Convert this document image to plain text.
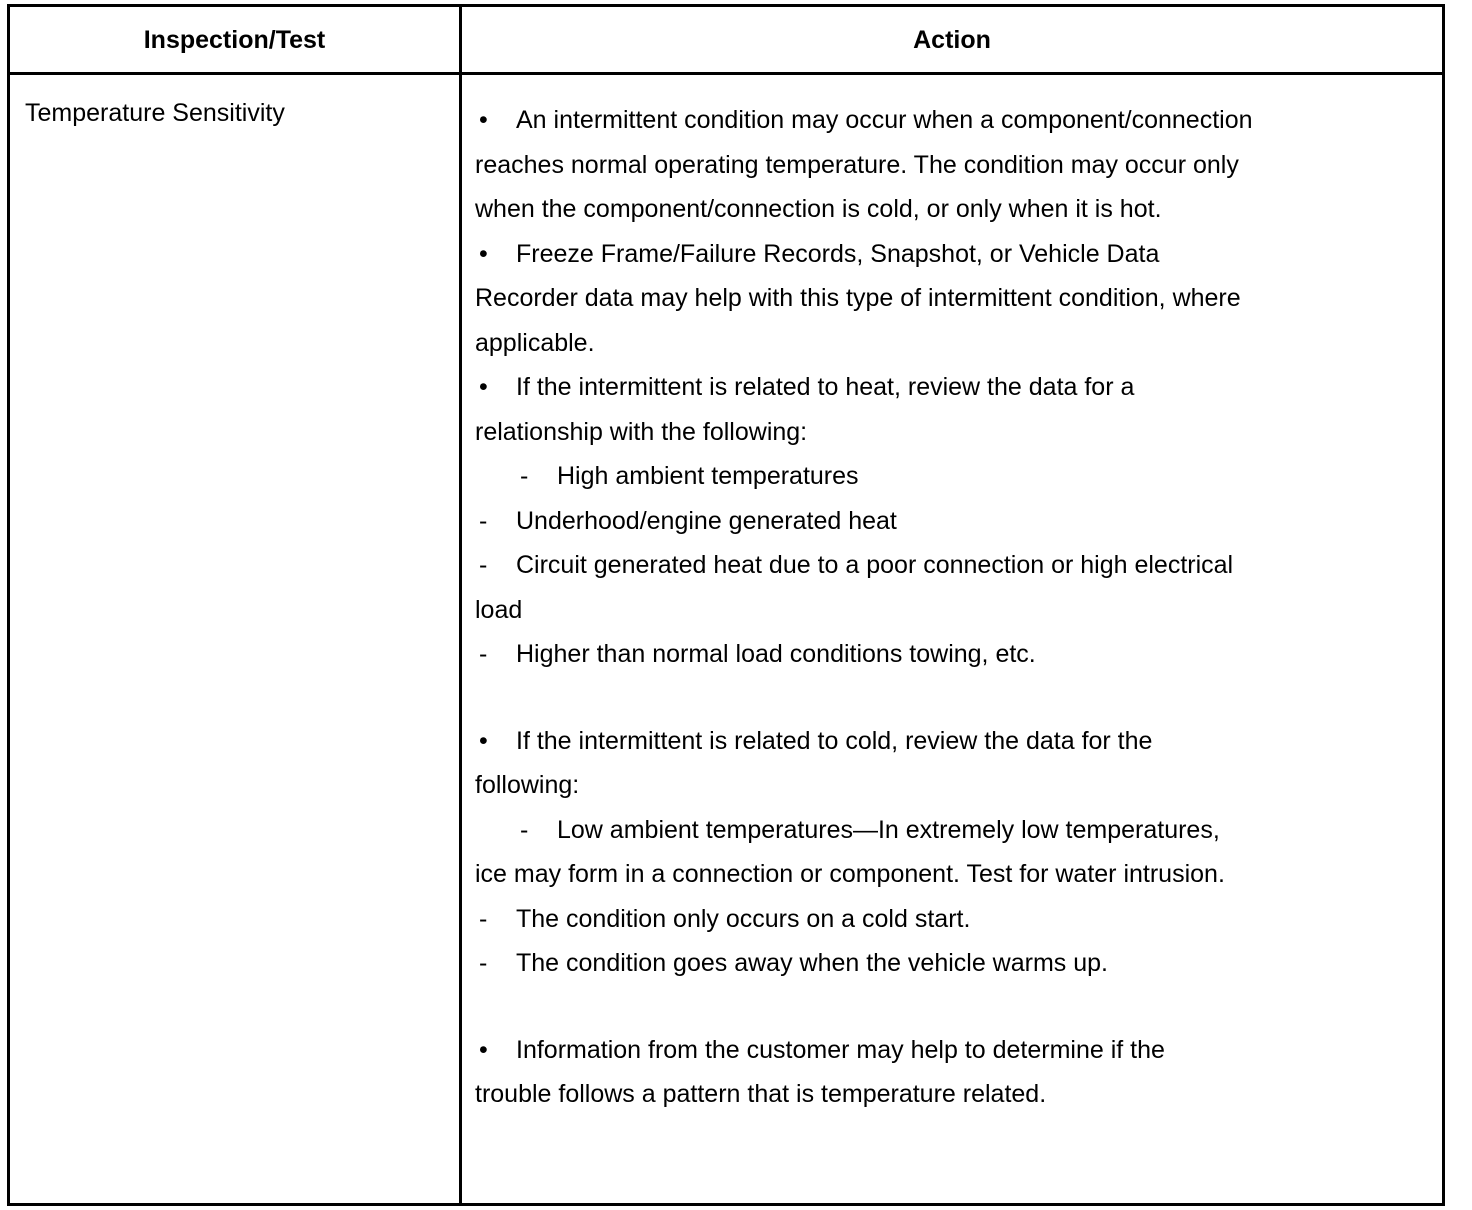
Inspection/Test	Action
Temperature Sensitivity	• An intermittent condition may occur when a component/connection
reaches normal operating temperature. The condition may occur only
when the component/connection is cold, or only when it is hot.
• Freeze Frame/Failure Records, Snapshot, or Vehicle Data
Recorder data may help with this type of intermittent condition, where
applicable.
• If the intermittent is related to heat, review the data for a
relationship with the following:
- High ambient temperatures
- Underhood/engine generated heat
- Circuit generated heat due to a poor connection or high electrical
load
- Higher than normal load conditions towing, etc.
• If the intermittent is related to cold, review the data for the
following:
- Low ambient temperatures—In extremely low temperatures,
ice may form in a connection or component. Test for water intrusion.
- The condition only occurs on a cold start.
- The condition goes away when the vehicle warms up.
• Information from the customer may help to determine if the
trouble follows a pattern that is temperature related.
